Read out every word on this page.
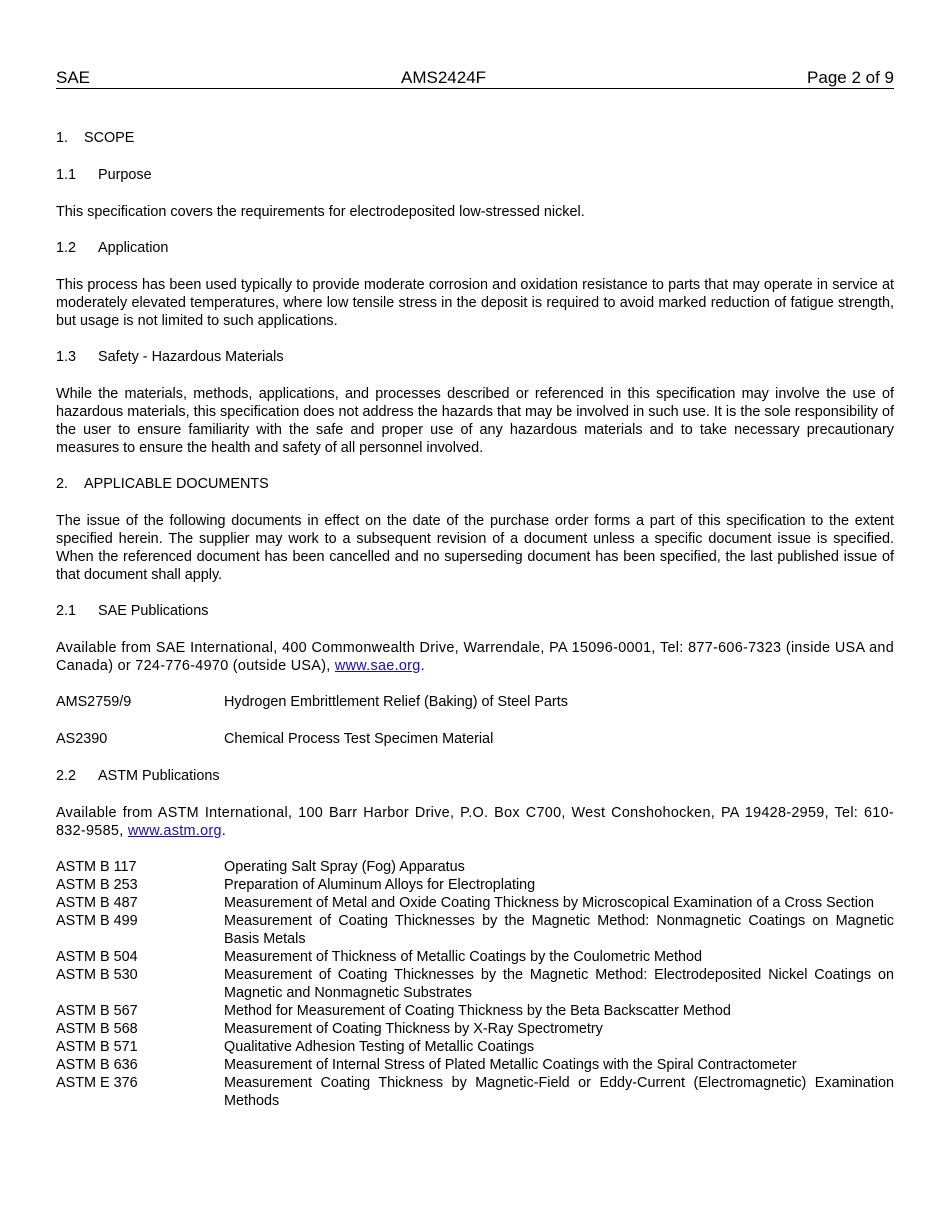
SAE	AMS2424F	Page 2 of 9
1. SCOPE
1.1 Purpose

This specification covers the requirements for electrodeposited low-stressed nickel.

1.2 Application

This process has been used typically to provide moderate corrosion and oxidation resistance to parts that may operate in service at moderately elevated temperatures, where low tensile stress in the deposit is required to avoid marked reduction of fatigue strength, but usage is not limited to such applications.

1.3 Safety - Hazardous Materials

While the materials, methods, applications, and processes described or referenced in this specification may involve the use of hazardous materials, this specification does not address the hazards that may be involved in such use. It is the sole responsibility of the user to ensure familiarity with the safe and proper use of any hazardous materials and to take necessary precautionary measures to ensure the health and safety of all personnel involved.

2. APPLICABLE DOCUMENTS

The issue of the following documents in effect on the date of the purchase order forms a part of this specification to the extent specified herein. The supplier may work to a subsequent revision of a document unless a specific document issue is specified. When the referenced document has been cancelled and no superseding document has been specified, the last published issue of that document shall apply.

2.1 SAE Publications

Available from SAE International, 400 Commonwealth Drive, Warrendale, PA 15096-0001, Tel: 877-606-7323 (inside USA and Canada) or 724-776-4970 (outside USA), www.sae.org.

AMS2759/9	Hydrogen Embrittlement Relief (Baking) of Steel Parts
AS2390	Chemical Process Test Specimen Material
2.2 ASTM Publications

Available from ASTM International, 100 Barr Harbor Drive, P.O. Box C700, West Conshohocken, PA 19428-2959, Tel: 610-832-9585, www.astm.org.

ASTM B 117	Operating Salt Spray (Fog) Apparatus
ASTM B 253	Preparation of Aluminum Alloys for Electroplating
ASTM B 487	Measurement of Metal and Oxide Coating Thickness by Microscopical Examination of a Cross Section
ASTM B 499	Measurement of Coating Thicknesses by the Magnetic Method: Nonmagnetic Coatings on Magnetic Basis Metals
ASTM B 504	Measurement of Thickness of Metallic Coatings by the Coulometric Method
ASTM B 530	Measurement of Coating Thicknesses by the Magnetic Method: Electrodeposited Nickel Coatings on Magnetic and Nonmagnetic Substrates
ASTM B 567	Method for Measurement of Coating Thickness by the Beta Backscatter Method
ASTM B 568	Measurement of Coating Thickness by X-Ray Spectrometry
ASTM B 571	Qualitative Adhesion Testing of Metallic Coatings
ASTM B 636	Measurement of Internal Stress of Plated Metallic Coatings with the Spiral Contractometer
ASTM E 376	Measurement Coating Thickness by Magnetic-Field or Eddy-Current (Electromagnetic) Examination Methods
